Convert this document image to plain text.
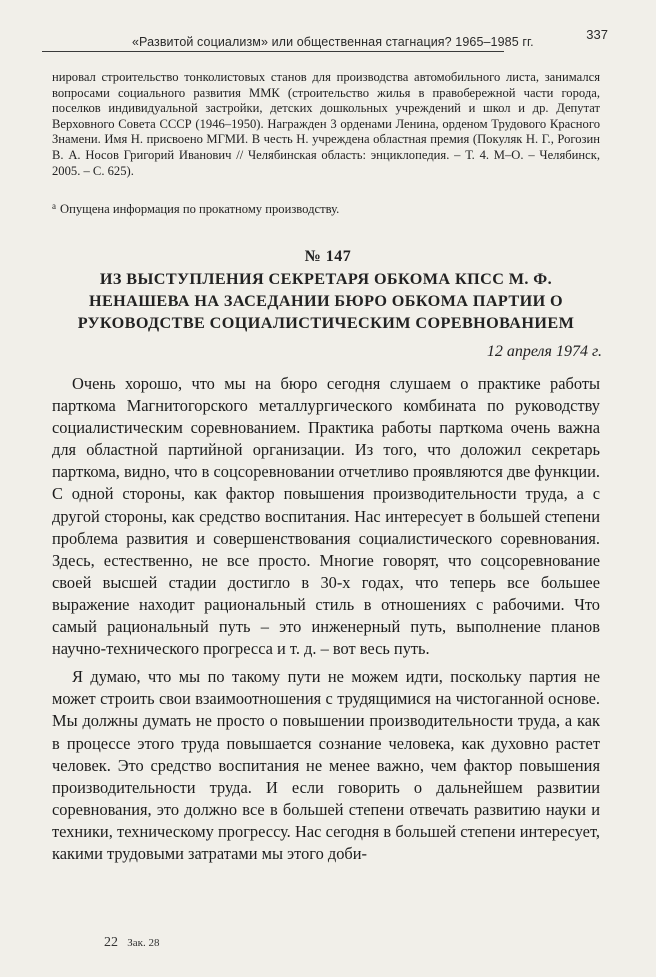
«Развитой социализм» или общественная стагнация? 1965–1985 гг.	337
нировал строительство тонколистовых станов для производства автомобильного листа, занимался вопросами социального развития ММК (строительство жилья в правобережной части города, поселков индивидуальной застройки, детских дошкольных учреждений и школ и др. Депутат Верховного Совета СССР (1946–1950). Награжден 3 орденами Ленина, орденом Трудового Красного Знамени. Имя Н. присвоено МГМИ. В честь Н. учреждена областная премия (Покуляк Н. Г., Рогозин В. А. Носов Григорий Иванович // Челябинская область: энциклопедия. – Т. 4. М–О. – Челябинск, 2005. – С. 625).
$^а$ Опущена информация по прокатному производству.
№ 147
ИЗ ВЫСТУПЛЕНИЯ СЕКРЕТАРЯ ОБКОМА КПСС М. Ф. НЕНАШЕВА НА ЗАСЕДАНИИ БЮРО ОБКОМА ПАРТИИ О РУКОВОДСТВЕ СОЦИАЛИСТИЧЕСКИМ СОРЕВНОВАНИЕМ
12 апреля 1974 г.

Очень хорошо, что мы на бюро сегодня слушаем о практике работы парткома Магнитогорского металлургического комбината по руководству социалистическим соревнованием. Практика работы парткома очень важна для областной партийной организации. Из того, что доложил секретарь парткома, видно, что в соцсоревновании отчетливо проявляются две функции. С одной стороны, как фактор повышения производительности труда, а с другой стороны, как средство воспитания. Нас интересует в большей степени проблема развития и совершенствования социалистического соревнования. Здесь, естественно, не все просто. Многие говорят, что соцсоревнование своей высшей стадии достигло в 30-х годах, что теперь все большее выражение находит рациональный стиль в отношениях с рабочими. Что самый рациональный путь – это инженерный путь, выполнение планов научно-технического прогресса и т. д. – вот весь путь.

Я думаю, что мы по такому пути не можем идти, поскольку партия не может строить свои взаимоотношения с трудящимися на чистоганной основе. Мы должны думать не просто о повышении производительности труда, а как в процессе этого труда повышается сознание человека, как духовно растет человек. Это средство воспитания не менее важно, чем фактор повышения производительности труда. И если говорить о дальнейшем развитии соревнования, это должно все в большей степени отвечать развитию науки и техники, техническому прогрессу. Нас сегодня в большей степени интересует, какими трудовыми затратами мы этого доби-

22 Зак. 28
